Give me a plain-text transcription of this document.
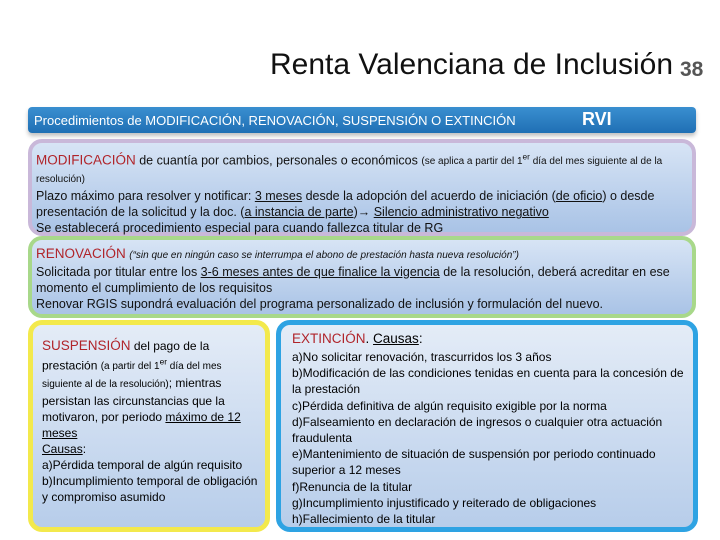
Renta Valenciana de Inclusión 38
Procedimientos de MODIFICACIÓN, RENOVACIÓN, SUSPENSIÓN O EXTINCIÓN	RVI
MODIFICACIÓN de cuantía por cambios, personales o económicos (se aplica a partir del 1er día del mes siguiente al de la resolución)
Plazo máximo para resolver y notificar: 3 meses desde la adopción del acuerdo de iniciación (de oficio) o desde presentación de la solicitud y la doc. (a instancia de parte)→ Silencio administrativo negativo
Se establecerá procedimiento especial para cuando fallezca titular de RG
RENOVACIÓN (“sin que en ningún caso se interrumpa el abono de prestación hasta nueva resolución”)
Solicitada por titular entre los 3-6 meses antes de que finalice la vigencia de la resolución, deberá acreditar en ese momento el cumplimiento de los requisitos
Renovar RGIS supondrá evaluación del programa personalizado de inclusión y formulación del nuevo.
SUSPENSIÓN del pago de la prestación (a partir del 1er día del mes siguiente al de la resolución); mientras persistan las circunstancias que la motivaron, por periodo máximo de 12 meses
Causas:
a)Pérdida temporal de algún requisito
b)Incumplimiento temporal de obligación y compromiso asumido
EXTINCIÓN. Causas:
a)No solicitar renovación, trascurridos los 3 años
b)Modificación de las condiciones tenidas en cuenta para la concesión de la prestación
c)Pérdida definitiva de algún requisito exigible por la norma
d)Falseamiento en declaración de ingresos o cualquier otra actuación fraudulenta
e)Mantenimiento de situación de suspensión por periodo continuado superior a 12 meses
f)Renuncia de la titular
g)Incumplimiento injustificado y reiterado de obligaciones
h)Fallecimiento de la titular
